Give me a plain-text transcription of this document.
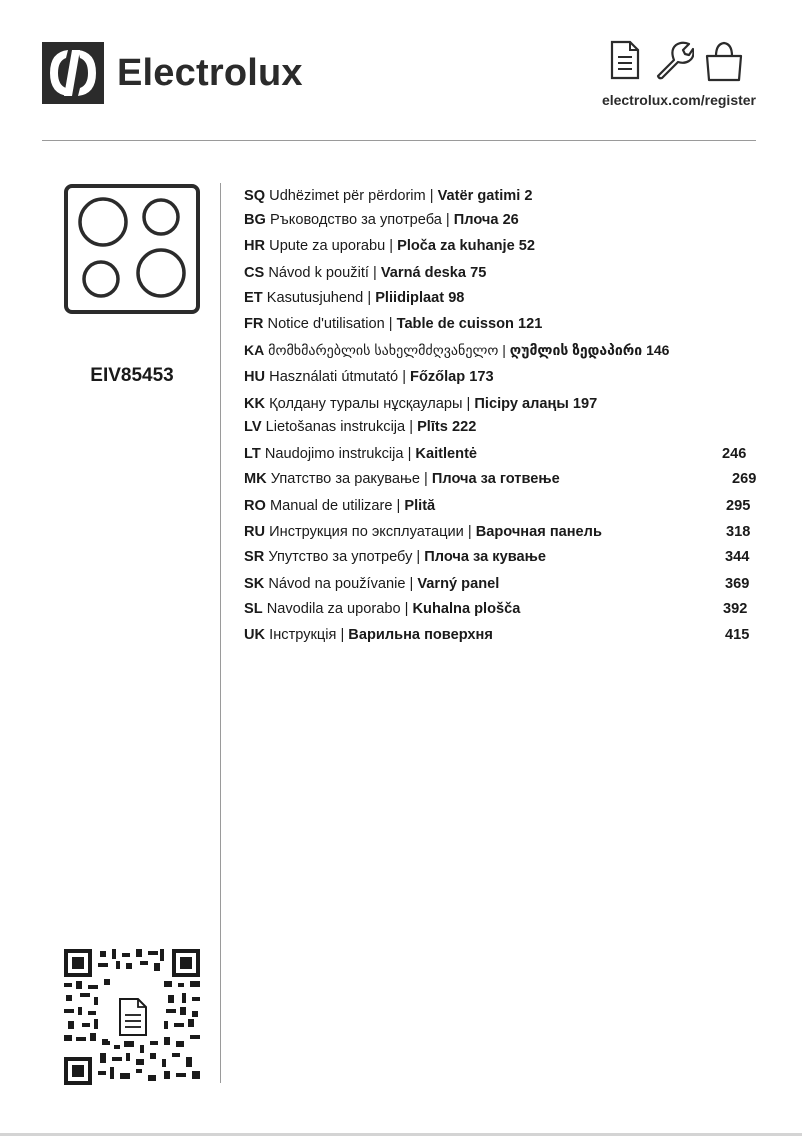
Electrolux
electrolux.com/register
EIV85453
SQ Udhëzimet për përdorim | Vatër gatimi 2
BG Ръководство за употреба | Плоча 26
HR Upute za uporabu | Ploča za kuhanje 52
CS Návod k použití | Varná deska 75
ET Kasutusjuhend | Pliidiplaat 98
FR Notice d'utilisation | Table de cuisson 121
KA მომხმარებლის სახელმძღვანელო | ღუმლის ზედაპირი 146
HU Használati útmutató | Főzőlap 173
KK Қолдану туралы нұсқаулары | Пісіру алаңы 197
LV Lietošanas instrukcija | Plīts 222
LT Naudojimo instrukcija | Kaitlentė
MK Упатство за ракување | Плоча за готвење
RO Manual de utilizare | Plită
RU Инструкция по эксплуатации | Варочная панель
SR Упутство за употребу | Плоча за кување
SK Návod na používanie | Varný panel
SL Navodila za uporabo | Kuhalna plošča
UK Інструкція | Варильна поверхня
246
269
295
318
344
369
392
415
